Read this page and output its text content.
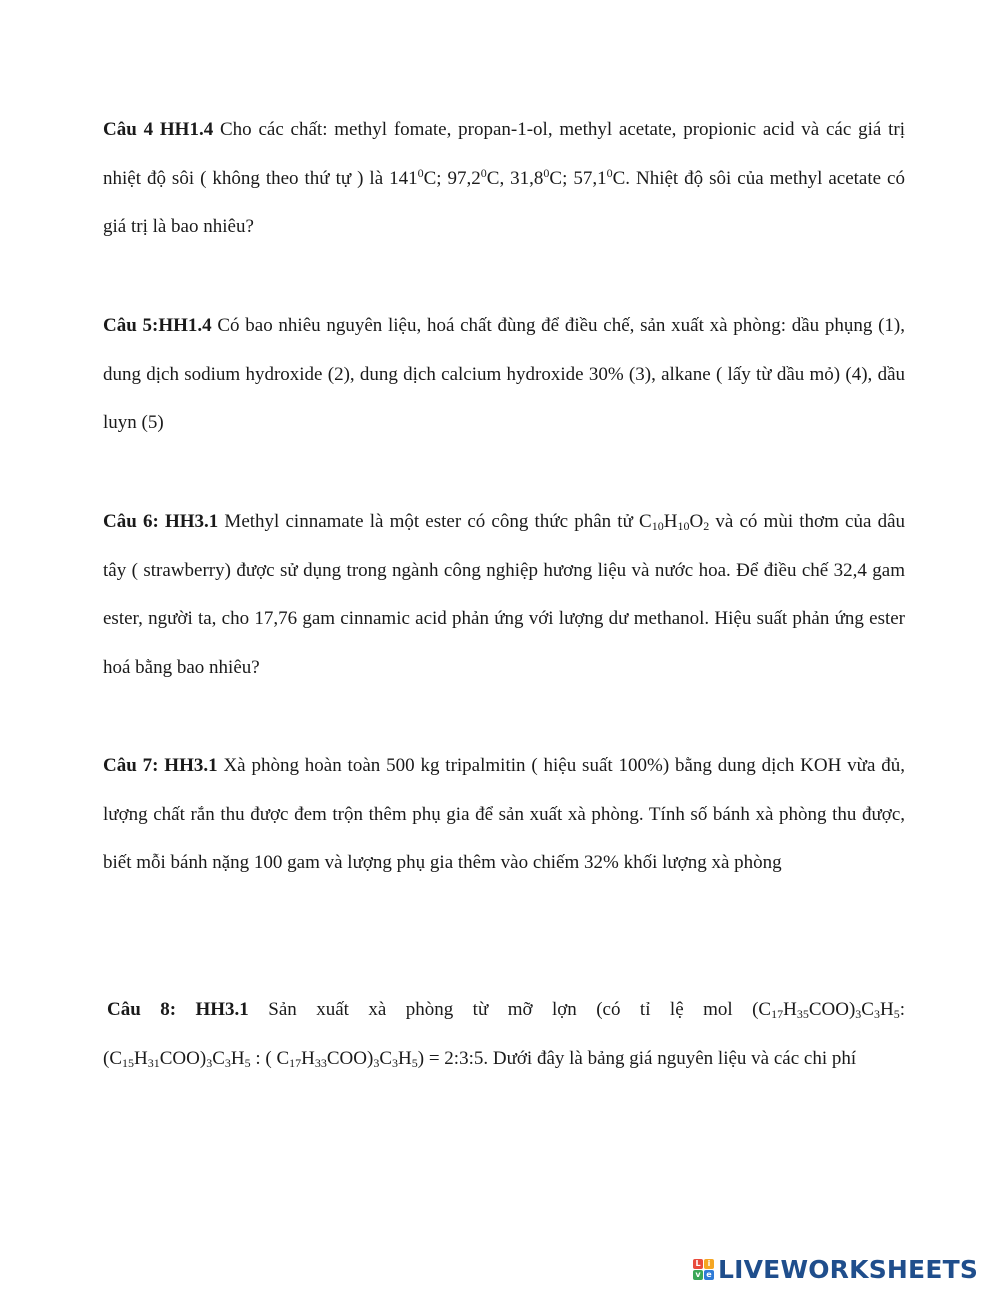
Câu 4 HH1.4 Cho các chất: methyl fomate, propan-1-ol, methyl acetate, propionic acid và các giá trị nhiệt độ sôi ( không theo thứ tự ) là $141^0C$; 97,2$^0$C, 31,8$^0$C; 57,1$^0$C. Nhiệt độ sôi của methyl acetate có giá trị là bao nhiêu?
Câu 5:HH1.4 Có bao nhiêu nguyên liệu, hoá chất đùng để điều chế, sản xuất xà phòng: dầu phụng (1), dung dịch sodium hydroxide (2), dung dịch calcium hydroxide 30% (3), alkane ( lấy từ dầu mỏ) (4), dầu luyn (5)
Câu 6: HH3.1 Methyl cinnamate là một ester có công thức phân tử $C_{10}H_{10}O_2$ và có mùi thơm của dâu tây ( strawberry) được sử dụng trong ngành công nghiệp hương liệu và nước hoa. Để điều chế 32,4 gam ester, người ta, cho 17,76 gam cinnamic acid phản ứng với lượng dư methanol. Hiệu suất phản ứng ester hoá bằng bao nhiêu?
Câu 7: HH3.1 Xà phòng hoàn toàn 500 kg tripalmitin ( hiệu suất 100%) bằng dung dịch KOH vừa đủ, lượng chất rắn thu được đem trộn thêm phụ gia để sản xuất xà phòng. Tính số bánh xà phòng thu được, biết mỗi bánh nặng 100 gam và lượng phụ gia thêm vào chiếm 32% khối lượng xà phòng
Câu 8: HH3.1 Sản xuất xà phòng từ mỡ lợn (có tỉ lệ mol $(C_{17}H_{35}COO)_3C_3H_5$:
$(C_{15}H_{31}COO)_3C_3H_5$ : ( $C_{17}H_{33}COO)_3C_3H_5$) = 2:3:5. Dưới đây là bảng giá nguyên liệu và các chi phí
L i
v e LIVEWORKSHEETS
